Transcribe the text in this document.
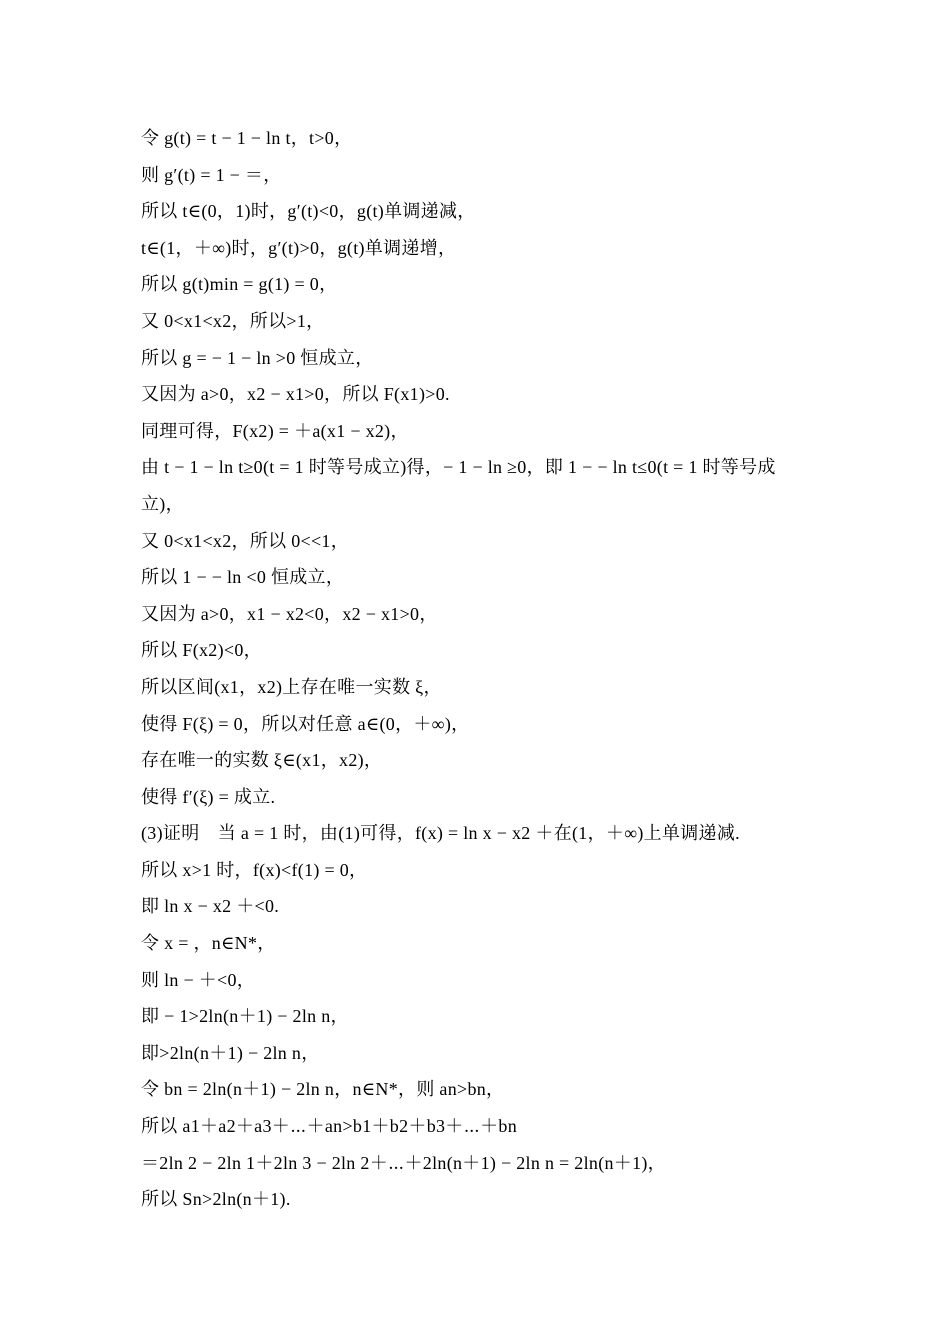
令 g(t) = t − 1 − ln t，t>0，
则 g′(t) = 1 − ＝，
所以 t∈(0，1)时，g′(t)<0，g(t)单调递减，
t∈(1，＋∞)时，g′(t)>0，g(t)单调递增，
所以 g(t)min = g(1) = 0，
又 0<x1<x2，所以>1，
所以 g = − 1 − ln >0 恒成立，
又因为 a>0，x2 − x1>0，所以 F(x1)>0.
同理可得，F(x2) = ＋a(x1 − x2)，
由 t − 1 − ln t≥0(t = 1 时等号成立)得，− 1 − ln ≥0，即 1 − − ln t≤0(t = 1 时等号成
立)，
又 0<x1<x2，所以 0<<1，
所以 1 − − ln <0 恒成立，
又因为 a>0，x1 − x2<0，x2 − x1>0，
所以 F(x2)<0，
所以区间(x1，x2)上存在唯一实数 ξ，
使得 F(ξ) = 0，所以对任意 a∈(0，＋∞)，
存在唯一的实数 ξ∈(x1，x2)，
使得 f′(ξ) = 成立.
(3)证明　当 a = 1 时，由(1)可得，f(x) = ln x − x2 ＋在(1，＋∞)上单调递减.
所以 x>1 时，f(x)<f(1) = 0，
即 ln x − x2 ＋<0.
令 x = ，n∈N*，
则 ln − ＋<0，
即 − 1>2ln(n＋1) − 2ln n，
即>2ln(n＋1) − 2ln n，
令 bn = 2ln(n＋1) − 2ln n，n∈N*，则 an>bn，
所以 a1＋a2＋a3＋⋯＋an>b1＋b2＋b3＋⋯＋bn
＝2ln 2 − 2ln 1＋2ln 3 − 2ln 2＋⋯＋2ln(n＋1) − 2ln n = 2ln(n＋1)，
所以 Sn>2ln(n＋1).
